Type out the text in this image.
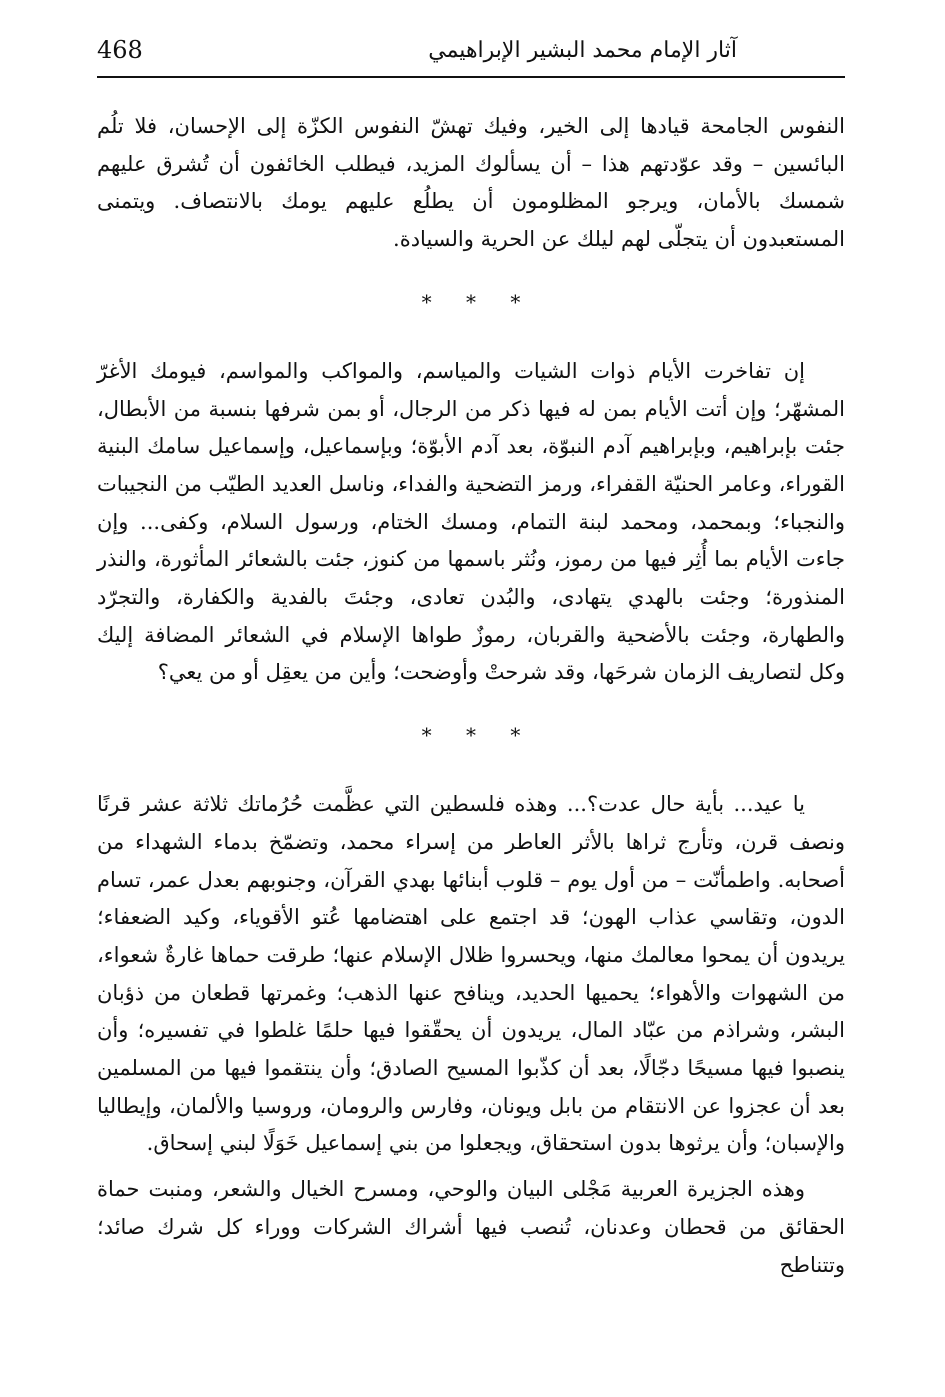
آثار الإمام محمد البشير الإبراهيمي
468

النفوس الجامحة قيادها إلى الخير، وفيك تهشّ النفوس الكزّة إلى الإحسان، فلا تلُم البائسين – وقد عوّدتهم هذا – أن يسألوك المزيد، فيطلب الخائفون أن تُشرق عليهم شمسك بالأمان، ويرجو المظلومون أن يطلُع عليهم يومك بالانتصاف. ويتمنى المستعبدون أن يتجلّى لهم ليلك عن الحرية والسيادة.

* * *

إن تفاخرت الأيام ذوات الشيات والمياسم، والمواكب والمواسم، فيومك الأغرّ المشهّر؛ وإن أتت الأيام بمن له فيها ذكر من الرجال، أو بمن شرفها بنسبة من الأبطال، جئت بإبراهيم، وبإبراهيم آدم النبوّة، بعد آدم الأبوّة؛ وبإسماعيل، وإسماعيل سامك البنية القوراء، وعامر الحنيّة القفراء، ورمز التضحية والفداء، وناسل العديد الطيّب من النجيبات والنجباء؛ وبمحمد، ومحمد لبنة التمام، ومسك الختام، ورسول السلام، وكفى... وإن جاءت الأيام بما أُثِر فيها من رموز، ونُثر باسمها من كنوز، جئت بالشعائر المأثورة، والنذر المنذورة؛ وجئت بالهدي يتهادى، والبُدن تعادى، وجئتَ بالفدية والكفارة، والتجرّد والطهارة، وجئت بالأضحية والقربان، رموزٌ طواها الإسلام في الشعائر المضافة إليك وكل لتصاريف الزمان شرحَها، وقد شرحتْ وأوضحت؛ وأين من يعقِل أو من يعي؟

* * *

يا عيد... بأية حال عدت؟... وهذه فلسطين التي عظَّمت حُرُماتك ثلاثة عشر قرنًا ونصف قرن، وتأرج ثراها بالأثر العاطر من إسراء محمد، وتضمّخ بدماء الشهداء من أصحابه. واطمأنّت – من أول يوم – قلوب أبنائها بهدي القرآن، وجنوبهم بعدل عمر، تسام الدون، وتقاسي عذاب الهون؛ قد اجتمع على اهتضامها عُتو الأقوياء، وكيد الضعفاء؛ يريدون أن يمحوا معالمك منها، ويحسروا ظلال الإسلام عنها؛ طرقت حماها غارةٌ شعواء، من الشهوات والأهواء؛ يحميها الحديد، وينافح عنها الذهب؛ وغمرتها قطعان من ذؤبان البشر، وشراذم من عبّاد المال، يريدون أن يحقّقوا فيها حلمًا غلطوا في تفسيره؛ وأن ينصبوا فيها مسيحًا دجّالًا، بعد أن كذّبوا المسيح الصادق؛ وأن ينتقموا فيها من المسلمين بعد أن عجزوا عن الانتقام من بابل ويونان، وفارس والرومان، وروسيا والألمان، وإيطاليا والإسبان؛ وأن يرثوها بدون استحقاق، ويجعلوا من بني إسماعيل خَوَلًا لبني إسحاق.

وهذه الجزيرة العربية مَجْلى البيان والوحي، ومسرح الخيال والشعر، ومنبت حماة الحقائق من قحطان وعدنان، تُنصب فيها أشراك الشركات ووراء كل شرك صائد؛ وتتناطح
